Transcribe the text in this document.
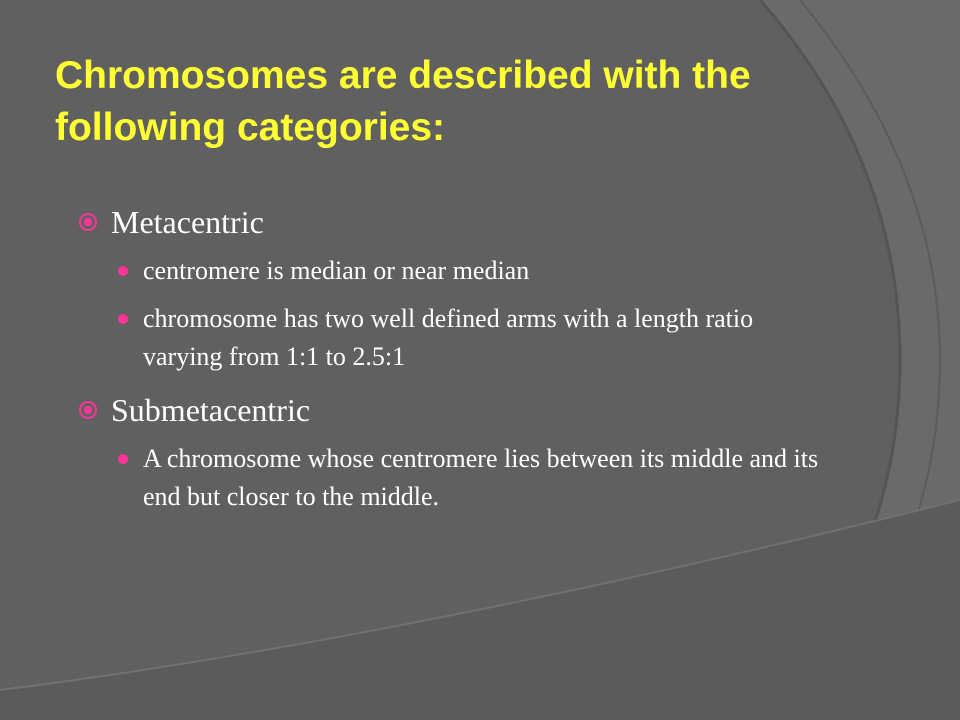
Chromosomes are described with the following categories:

Metacentric

centromere is median or near median

chromosome has two well defined arms with a length ratio varying from 1:1 to 2.5:1

Submetacentric

A chromosome whose centromere lies between its middle and its end but closer to the middle.
